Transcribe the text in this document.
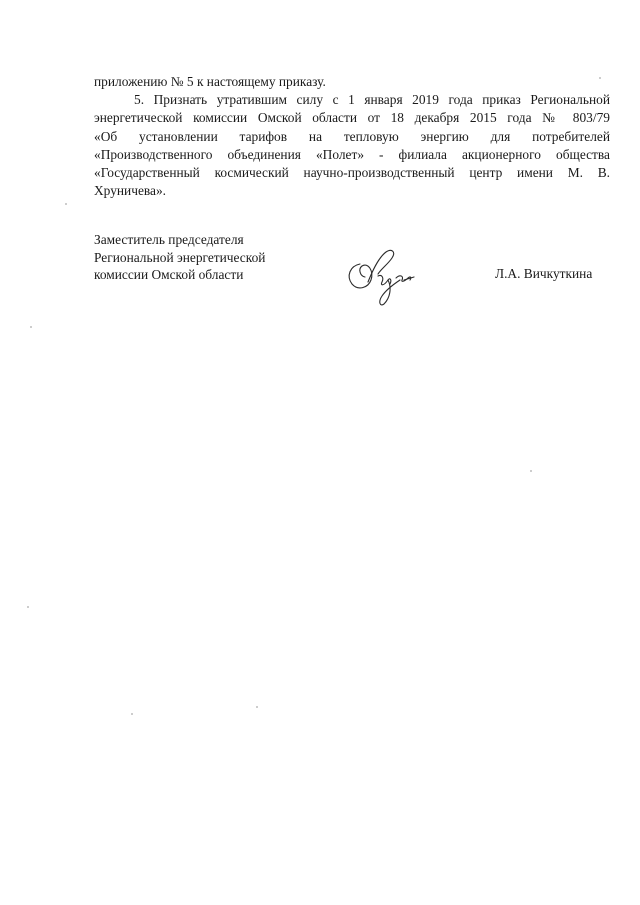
приложению № 5 к настоящему приказу.
5. Признать утратившим силу с 1 января 2019 года приказ Региональной
энергетической комиссии Омской области от 18 декабря 2015 года № 803/79
«Об установлении тарифов на тепловую энергию для потребителей
«Производственного объединения «Полет» - филиала акционерного общества
«Государственный космический научно-производственный центр имени М. В.
Хруничева».
Заместитель председателя
Региональной энергетической
комиссии Омской области	Л.А. Вичкуткина
